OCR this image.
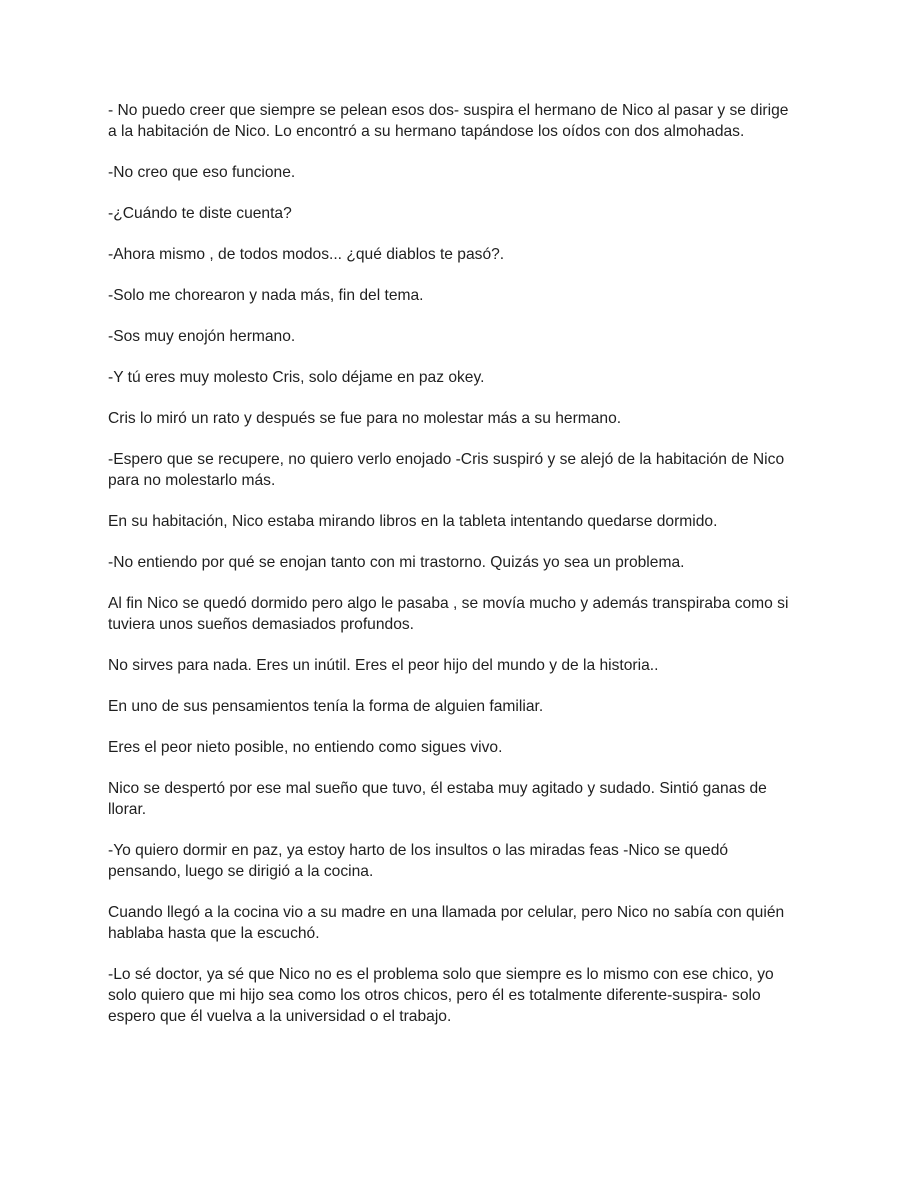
- No puedo creer que siempre se pelean esos dos- suspira el hermano de Nico al pasar y se dirige a la habitación de Nico. Lo encontró a su hermano tapándose los oídos con dos almohadas.

-No creo que eso funcione.

-¿Cuándo te diste cuenta?

-Ahora mismo , de todos modos... ¿qué diablos te pasó?.

-Solo me chorearon y nada más, fin del tema.

-Sos muy enojón hermano.

-Y tú eres muy molesto Cris, solo déjame en paz okey.

Cris lo miró un rato y después se fue para no molestar más a su hermano.

-Espero que se recupere, no quiero verlo enojado -Cris suspiró y se alejó de la habitación de Nico para no molestarlo más.

En su habitación, Nico estaba mirando libros en la tableta intentando quedarse dormido.

-No entiendo por qué se enojan tanto con mi trastorno. Quizás yo sea un problema.

Al fin Nico se quedó dormido pero algo le pasaba , se movía mucho y además transpiraba como si tuviera unos sueños demasiados profundos.

No sirves para nada. Eres un inútil. Eres el peor hijo del mundo y de la historia..

En uno de sus pensamientos tenía la forma de alguien familiar.

Eres el peor nieto posible, no entiendo como sigues vivo.

Nico se despertó por ese mal sueño que tuvo, él estaba muy agitado y sudado. Sintió ganas de llorar.

-Yo quiero dormir en paz, ya estoy harto de los insultos o las miradas feas -Nico se quedó pensando, luego se dirigió a la cocina.

Cuando llegó a la cocina vio a su madre en una llamada por celular, pero Nico no sabía con quién hablaba hasta que la escuchó.

-Lo sé doctor, ya sé que Nico no es el problema solo que siempre es lo mismo con ese chico, yo solo quiero que mi hijo sea como los otros chicos, pero él es totalmente diferente-suspira- solo espero que él vuelva a la universidad o el trabajo.
